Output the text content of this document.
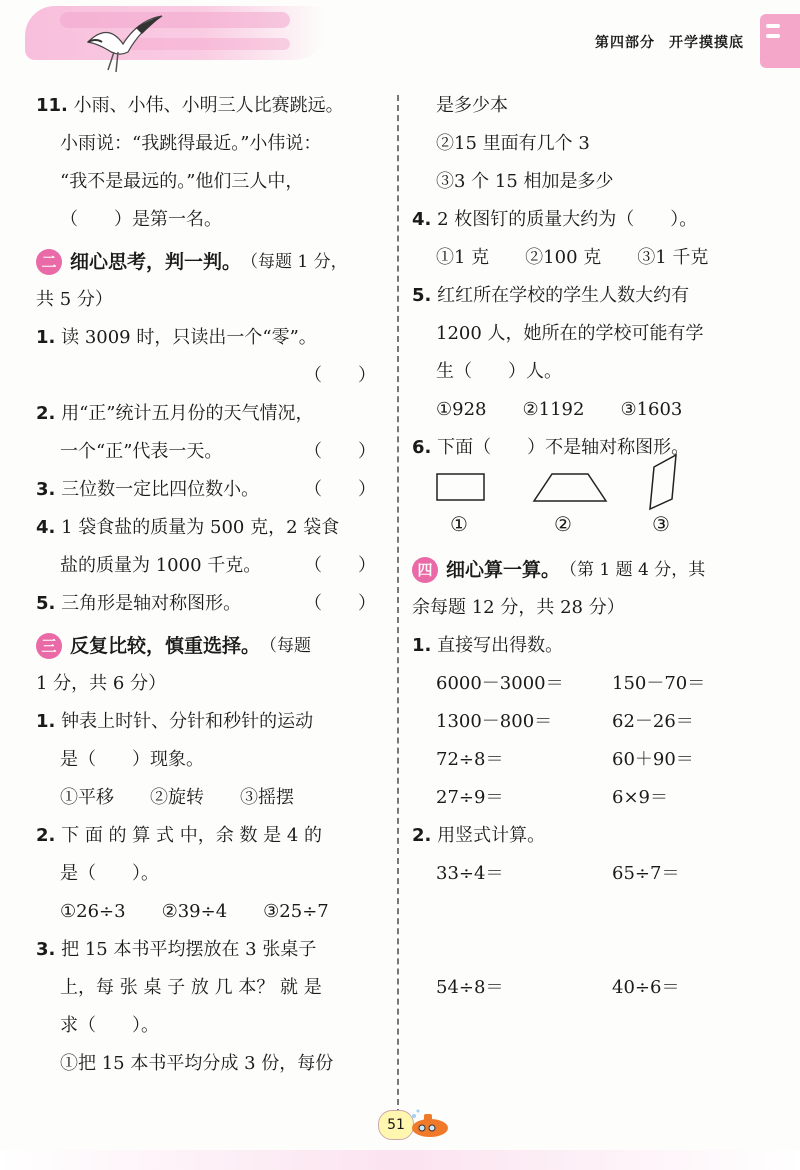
第四部分 开学摸摸底
11. 小雨、小伟、小明三人比赛跳远。
小雨说：“我跳得最近。”小伟说：
“我不是最远的。”他们三人中，
（　　）是第一名。
二 细心思考，判一判。 （每题 1 分，
共 5 分）
1. 读 3009 时，只读出一个“零”。
（　　）
2. 用“正”统计五月份的天气情况，
一个“正”代表一天。	（　　）
3. 三位数一定比四位数小。 （　　）
4. 1 袋食盐的质量为 500 克，2 袋食
盐的质量为 1000 千克。 （　　）
5. 三角形是轴对称图形。	（　　）
三 反复比较，慎重选择。 （每题
1 分，共 6 分）
1. 钟表上时针、分针和秒针的运动
是（　　）现象。
①平移　　②旋转　　③摇摆
2. 下 面 的 算 式 中，余 数 是 4 的
是（　　）。
①26÷3　　②39÷4　　③25÷7
3. 把 15 本书平均摆放在 3 张桌子
上，每 张 桌 子 放 几 本？ 就 是
求（　　）。
①把 15 本书平均分成 3 份，每份
是多少本
②15 里面有几个 3
③3 个 15 相加是多少
4. 2 枚图钉的质量大约为（　　）。
①1 克　　②100 克　　③1 千克
5. 红红所在学校的学生人数大约有
1200 人，她所在的学校可能有学
生（　　）人。
①928　　②1192　　③1603
6. 下面（　　）不是轴对称图形。
①	②	③
四 细心算一算。 （第 1 题 4 分，其
余每题 12 分，共 28 分）
1. 直接写出得数。
6000－3000＝	150－70＝
1300－800＝	62－26＝
72÷8＝	60＋90＝
27÷9＝	6×9＝
2. 用竖式计算。
33÷4＝	65÷7＝
54÷8＝	40÷6＝
51
